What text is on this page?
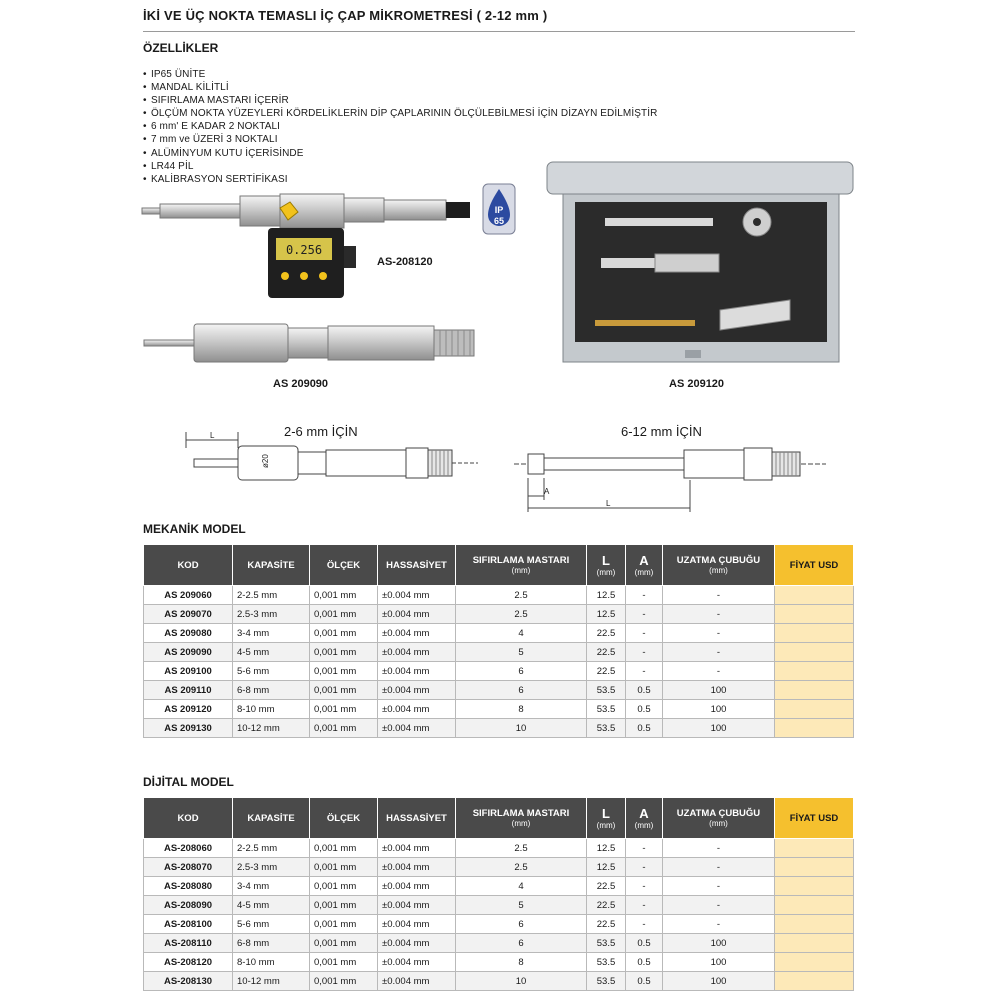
İKİ VE ÜÇ NOKTA TEMASLI İÇ ÇAP MİKROMETRESİ ( 2-12 mm )
ÖZELLİKLER
• IP65 ÜNİTE
• MANDAL KİLİTLİ
• SIFIRLAMA MASTARI İÇERİR
• ÖLÇÜM NOKTA YÜZEYLERİ KÖRDELİKLERİN DİP ÇAPLARININ ÖLÇÜLEBİLMESİ İÇİN DİZAYN EDİLMİŞTİR
• 6 mm' E KADAR 2 NOKTALI
• 7 mm ve ÜZERİ 3 NOKTALI
• ALÜMİNYUM KUTU İÇERİSİNDE
• LR44 PİL
• KALİBRASYON SERTİFİKASI
0.256
IP
65
AS-208120
AS 209090	AS 209120
2-6 mm İÇİN
L
ø20
6-12 mm İÇİN
A
L
MEKANİK MODEL
KOD	KAPASİTE	ÖLÇEK	HASSASİYET	SIFIRLAMA MASTARI
(mm)	L
(mm)	A
(mm)	UZATMA ÇUBUĞU
(mm)	FİYAT USD
AS 209060	2-2.5 mm	0,001 mm	±0.004 mm	2.5	12.5	-	-	
AS 209070	2.5-3 mm	0,001 mm	±0.004 mm	2.5	12.5	-	-	
AS 209080	3-4 mm	0,001 mm	±0.004 mm	4	22.5	-	-	
AS 209090	4-5 mm	0,001 mm	±0.004 mm	5	22.5	-	-	
AS 209100	5-6 mm	0,001 mm	±0.004 mm	6	22.5	-	-	
AS 209110	6-8 mm	0,001 mm	±0.004 mm	6	53.5	0.5	100	
AS 209120	8-10 mm	0,001 mm	±0.004 mm	8	53.5	0.5	100	
AS 209130	10-12 mm	0,001 mm	±0.004 mm	10	53.5	0.5	100	
DİJİTAL MODEL
KOD	KAPASİTE	ÖLÇEK	HASSASİYET	SIFIRLAMA MASTARI
(mm)	L
(mm)	A
(mm)	UZATMA ÇUBUĞU
(mm)	FİYAT USD
AS-208060	2-2.5 mm	0,001 mm	±0.004 mm	2.5	12.5	-	-	
AS-208070	2.5-3 mm	0,001 mm	±0.004 mm	2.5	12.5	-	-	
AS-208080	3-4 mm	0,001 mm	±0.004 mm	4	22.5	-	-	
AS-208090	4-5 mm	0,001 mm	±0.004 mm	5	22.5	-	-	
AS-208100	5-6 mm	0,001 mm	±0.004 mm	6	22.5	-	-	
AS-208110	6-8 mm	0,001 mm	±0.004 mm	6	53.5	0.5	100	
AS-208120	8-10 mm	0,001 mm	±0.004 mm	8	53.5	0.5	100	
AS-208130	10-12 mm	0,001 mm	±0.004 mm	10	53.5	0.5	100	
